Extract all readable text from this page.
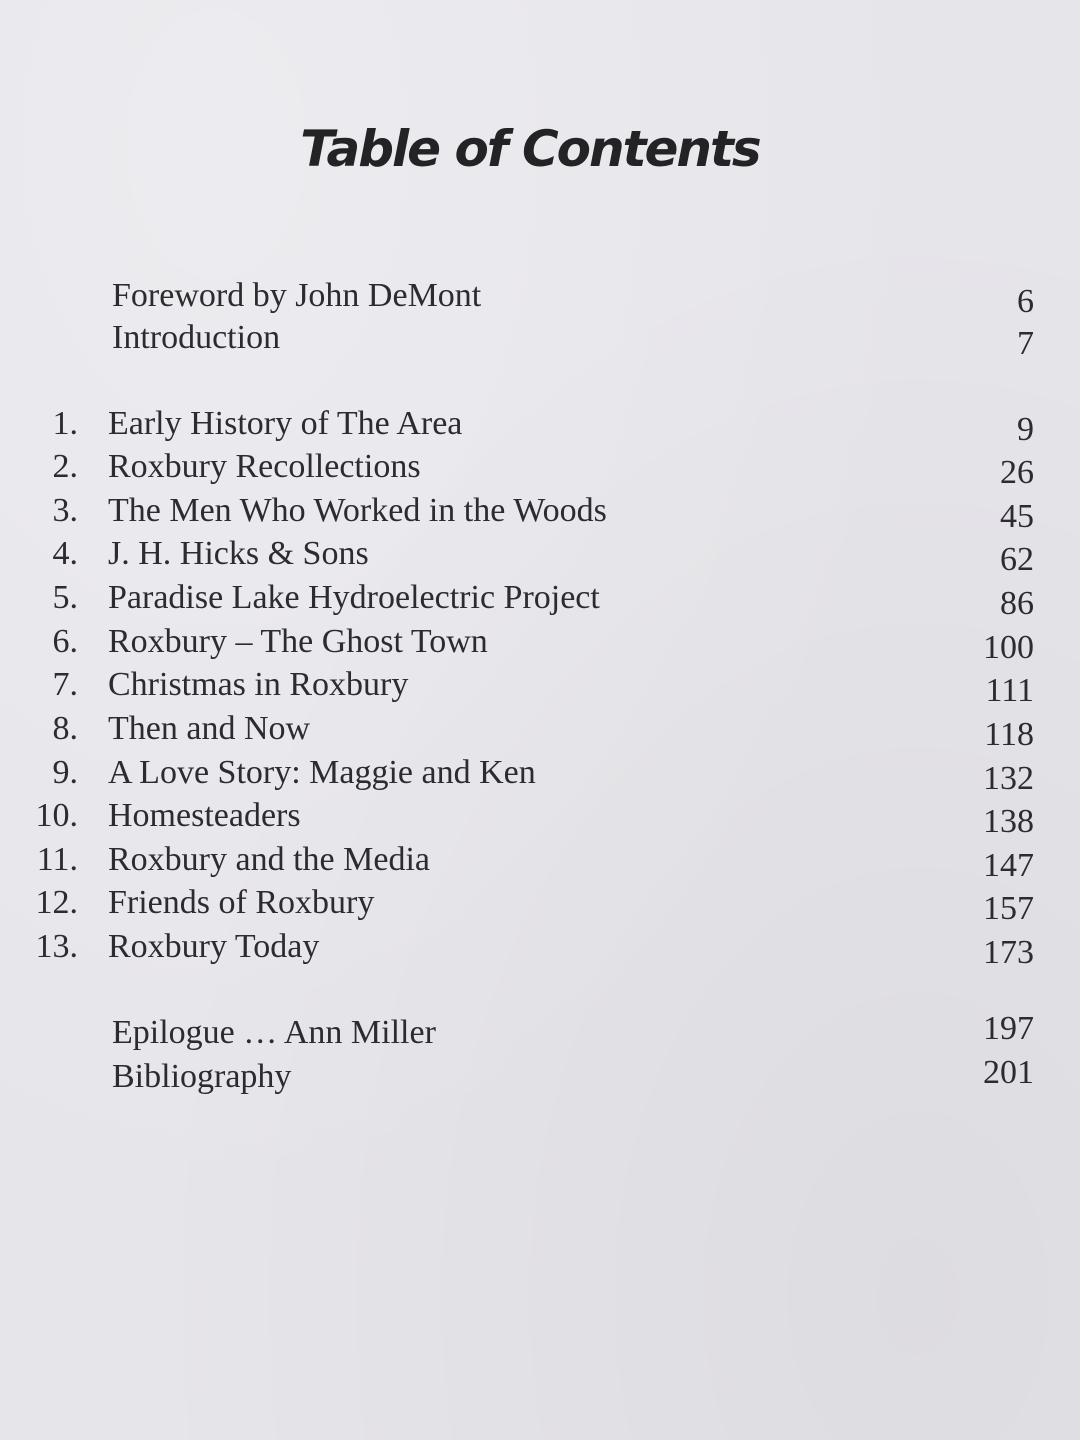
Table of Contents
Foreword by John DeMont	6
Introduction	7
1. Early History of The Area	9
2. Roxbury Recollections	26
3. The Men Who Worked in the Woods	45
4. J. H. Hicks & Sons	62
5. Paradise Lake Hydroelectric Project	86
6. Roxbury – The Ghost Town	100
7. Christmas in Roxbury	111
8. Then and Now	118
9. A Love Story: Maggie and Ken	132
10. Homesteaders	138
11. Roxbury and the Media	147
12. Friends of Roxbury	157
13. Roxbury Today	173
Epilogue … Ann Miller	197
Bibliography	201
